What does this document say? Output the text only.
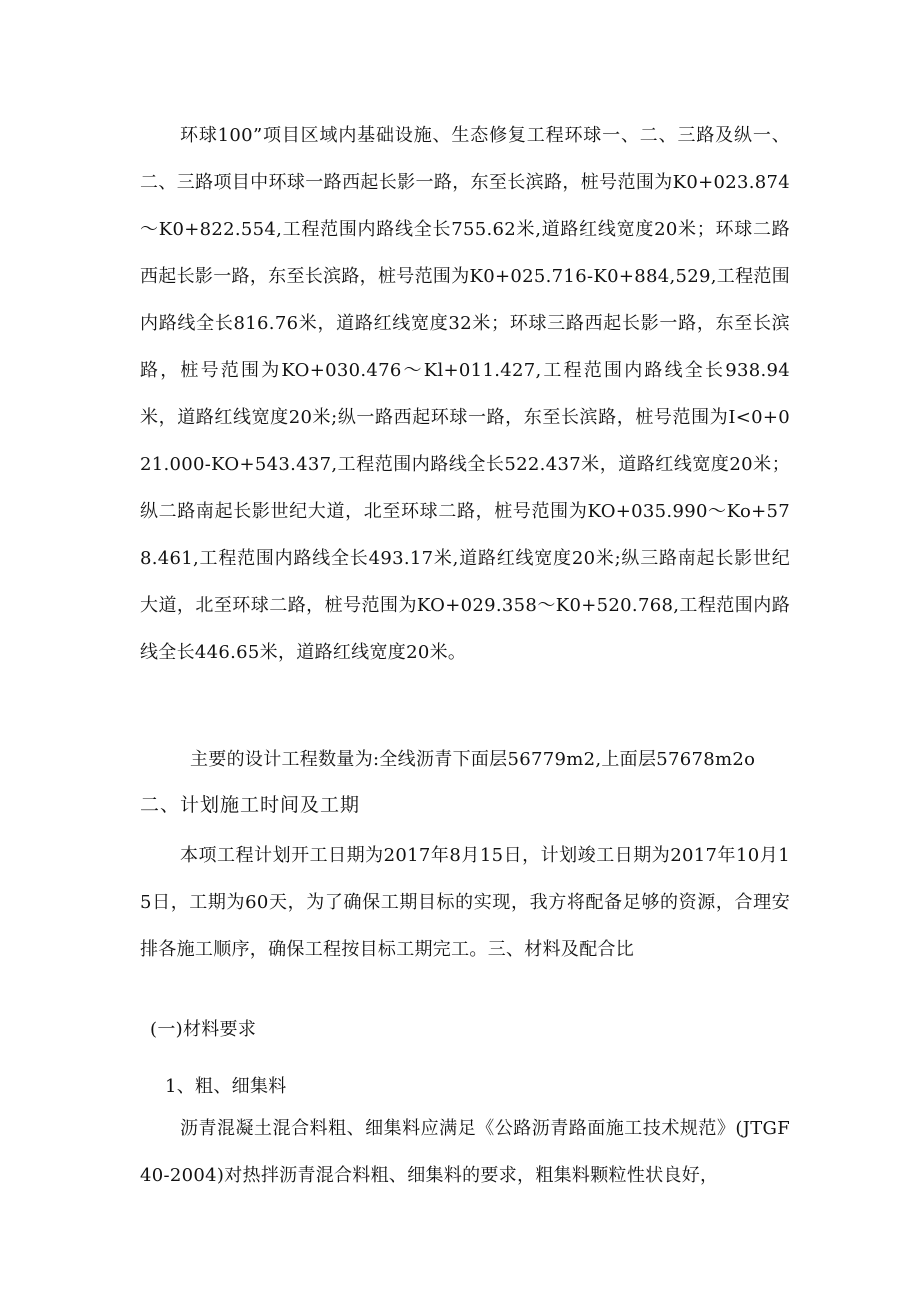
环球100”项目区域内基础设施、生态修复工程环球一、二、三路及纵一、二、三路项目中环球一路西起长影一路，东至长滨路，桩号范围为K0+023.874～K0+822.554,工程范围内路线全长755.62米,道路红线宽度20米；环球二路西起长影一路，东至长滨路，桩号范围为K0+025.716-K0+884,529,工程范围内路线全长816.76米，道路红线宽度32米；环球三路西起长影一路，东至长滨路，桩号范围为KO+030.476～Kl+011.427,工程范围内路线全长938.94米，道路红线宽度20米;纵一路西起环球一路，东至长滨路，桩号范围为I<0+021.000-KO+543.437,工程范围内路线全长522.437米，道路红线宽度20米；纵二路南起长影世纪大道，北至环球二路，桩号范围为KO+035.990～Ko+578.461,工程范围内路线全长493.17米,道路红线宽度20米;纵三路南起长影世纪大道，北至环球二路，桩号范围为KO+029.358～K0+520.768,工程范围内路线全长446.65米，道路红线宽度20米。
主要的设计工程数量为:全线沥青下面层56779m2,上面层57678m2o
二、计划施工时间及工期
本项工程计划开工日期为2017年8月15日，计划竣工日期为2017年10月15日，工期为60天，为了确保工期目标的实现，我方将配备足够的资源，合理安排各施工顺序，确保工程按目标工期完工。三、材料及配合比
(一)材料要求
1、粗、细集料
沥青混凝土混合料粗、细集料应满足《公路沥青路面施工技术规范》(JTGF40-2004)对热拌沥青混合料粗、细集料的要求，粗集料颗粒性状良好，
